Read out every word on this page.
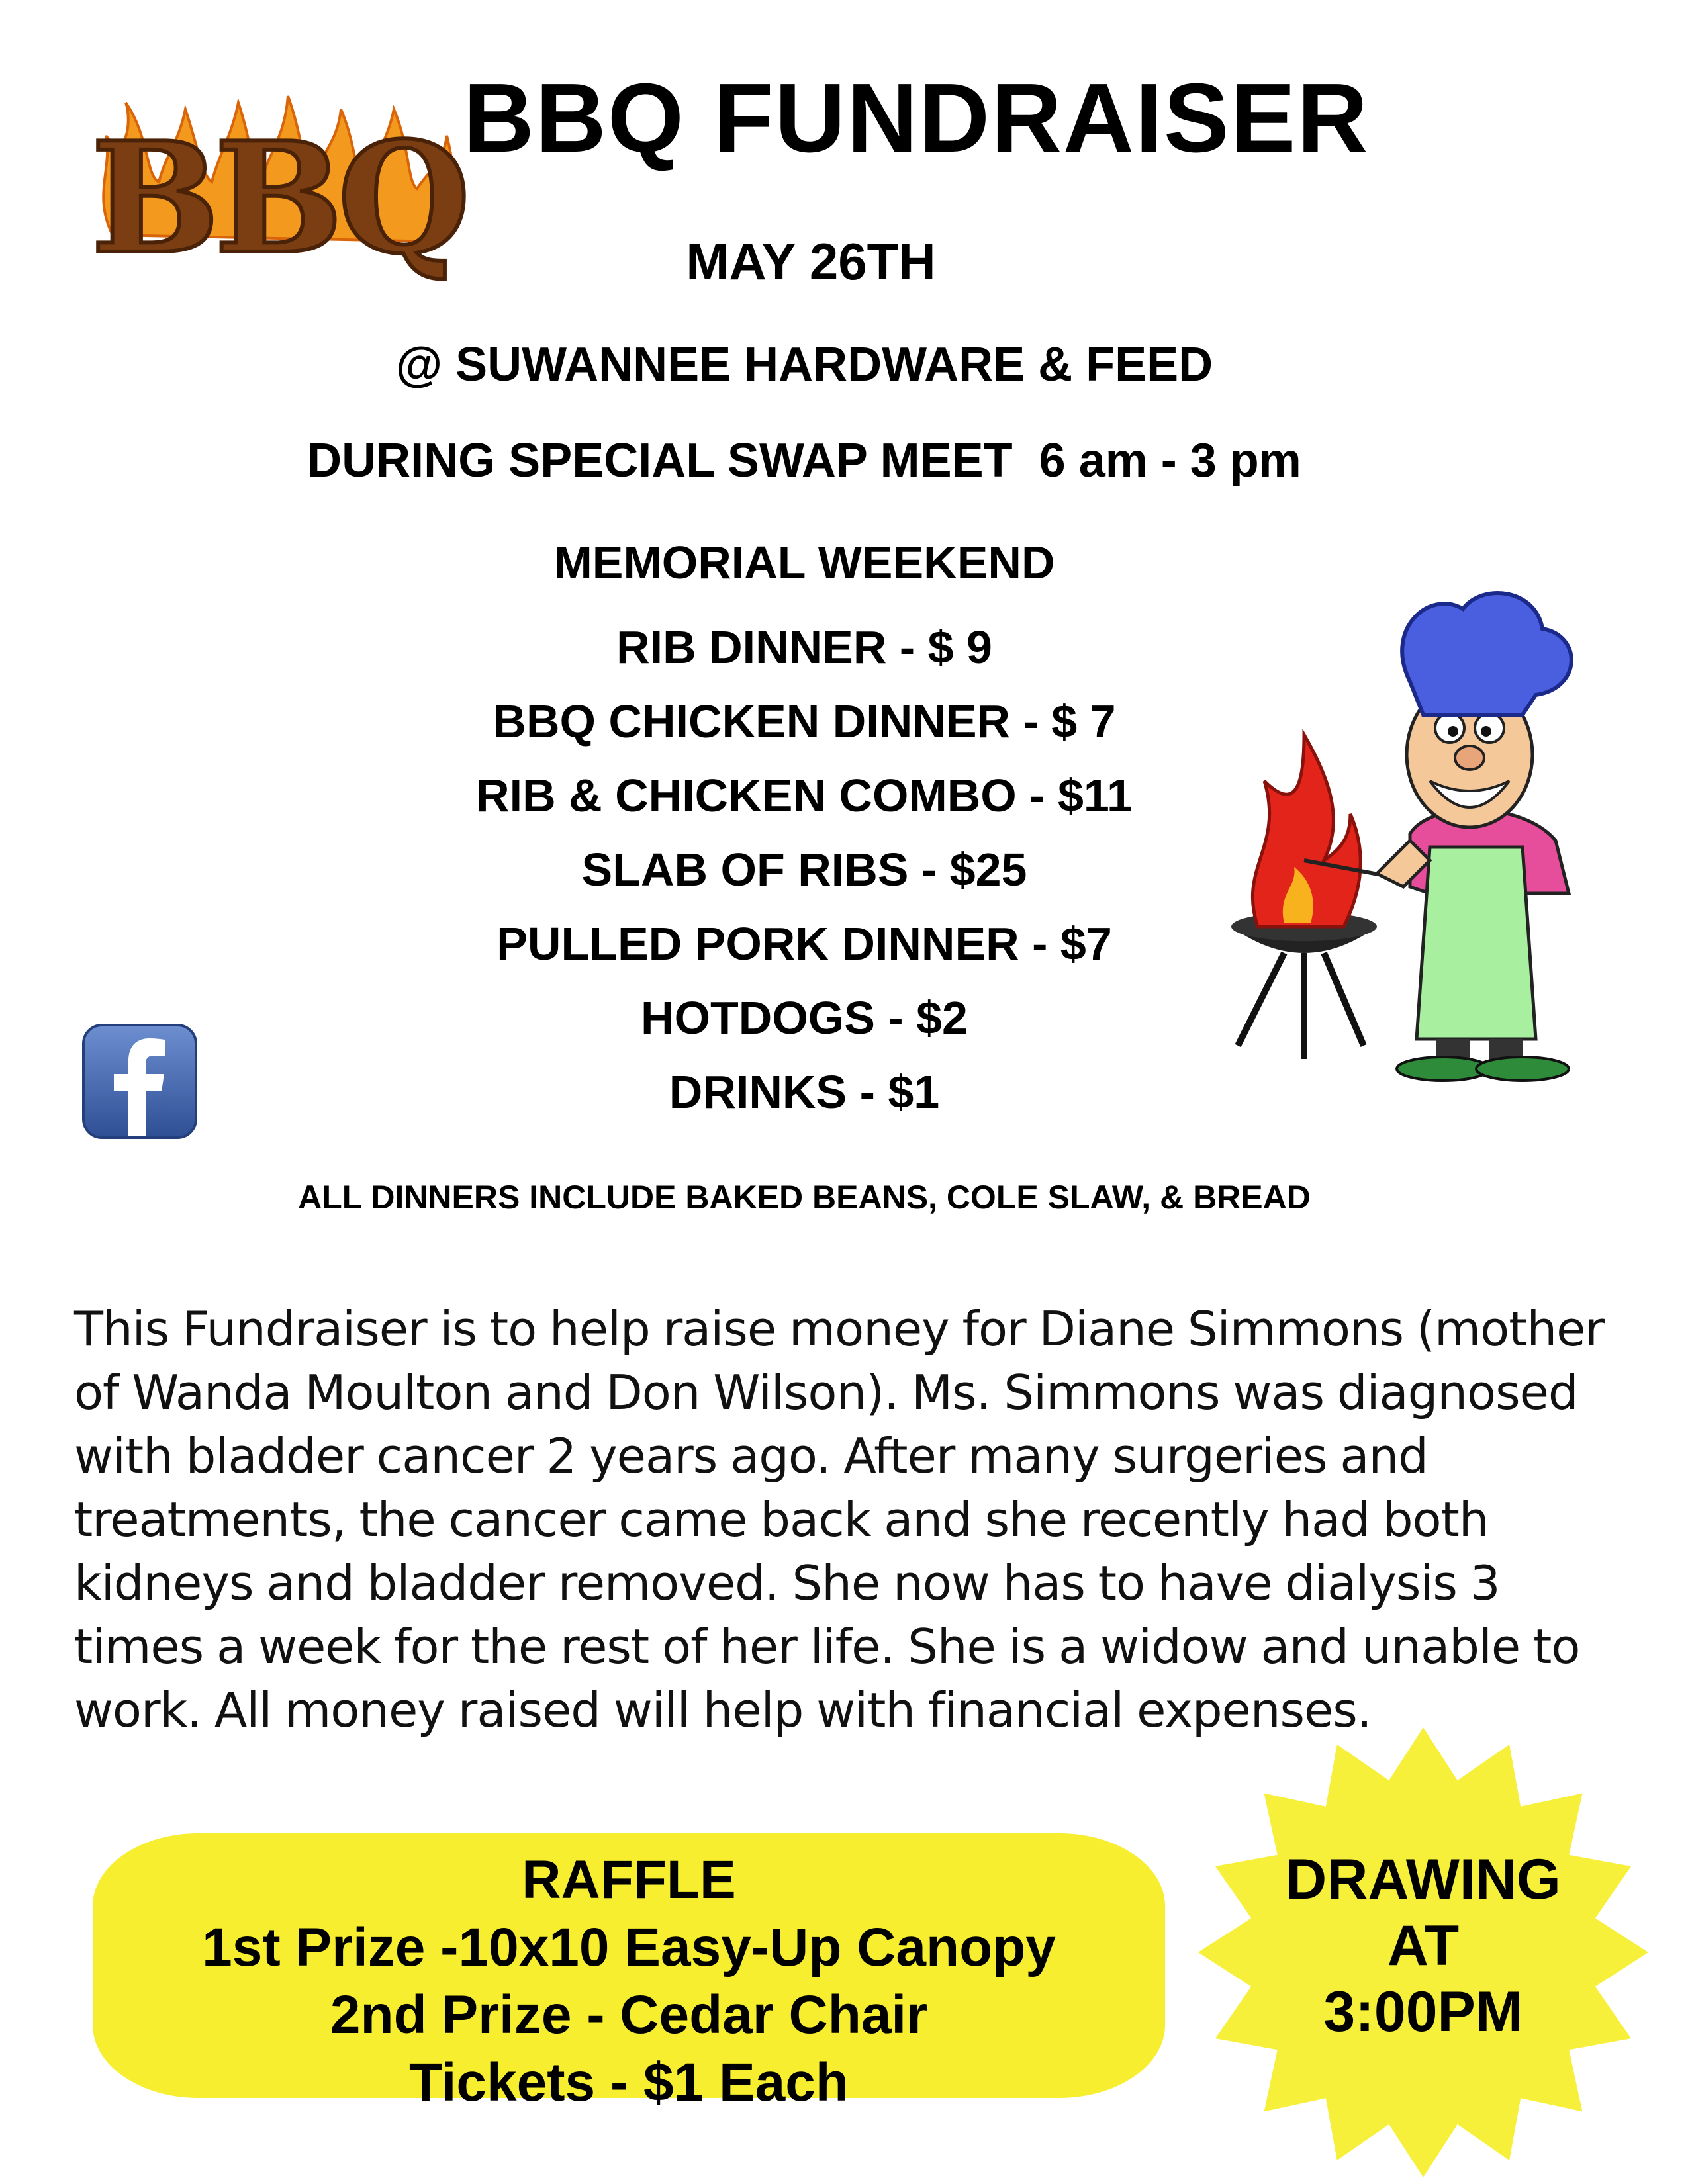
BBQ
BBQ FUNDRAISER
MAY 26TH
@ SUWANNEE HARDWARE & FEED
DURING SPECIAL SWAP MEET  6 am - 3 pm
MEMORIAL WEEKEND
RIB DINNER - $ 9
BBQ CHICKEN DINNER - $ 7
RIB & CHICKEN COMBO - $11
SLAB OF RIBS - $25
PULLED PORK DINNER - $7
HOTDOGS - $2
DRINKS - $1
ALL DINNERS INCLUDE BAKED BEANS, COLE SLAW, & BREAD
This Fundraiser is to help raise money for Diane Simmons (mother
of Wanda Moulton and Don Wilson). Ms. Simmons was diagnosed
with bladder cancer 2 years ago. After many surgeries and
treatments, the cancer came back and she recently had both
kidneys and bladder removed. She now has to have dialysis 3
times a week for the rest of her life. She is a widow and unable to
work. All money raised will help with financial expenses.
RAFFLE
1st Prize -10x10 Easy-Up Canopy
2nd Prize - Cedar Chair
Tickets - $1 Each
DRAWING
AT
3:00PM
